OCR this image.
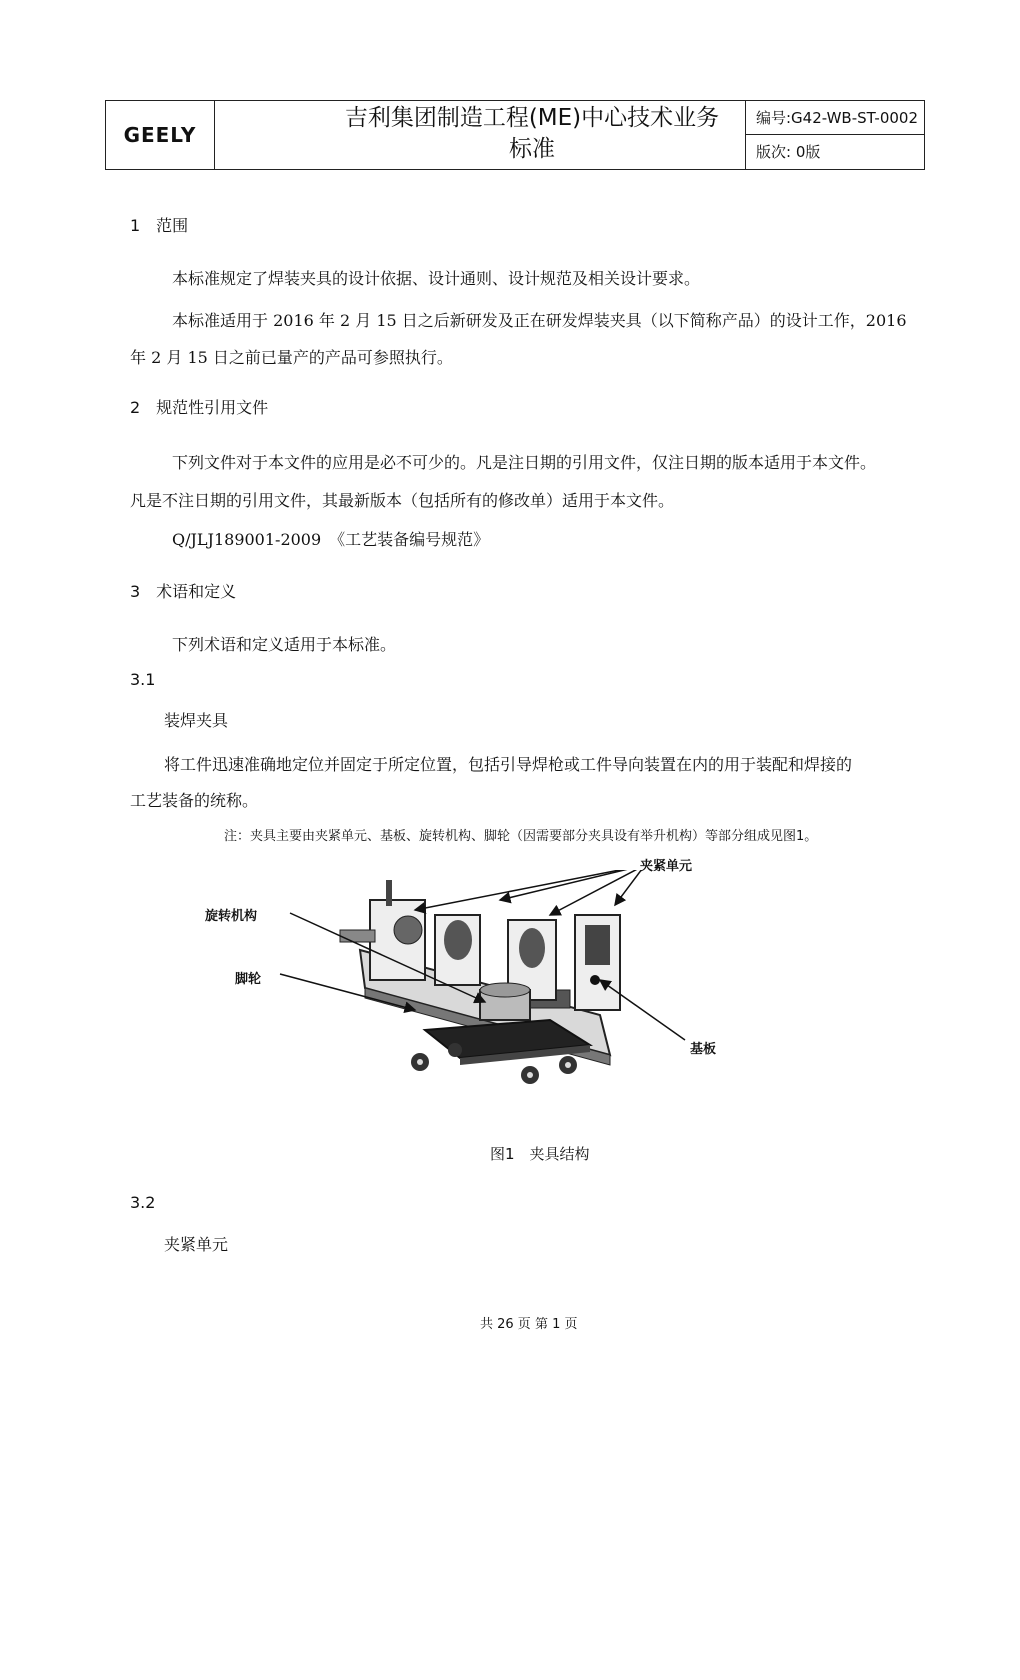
GEELY
吉利集团制造工程(ME)中心技术业务
标准
编号:G42-WB-ST-0002
版次: 0版
1　范围
本标准规定了焊装夹具的设计依据、设计通则、设计规范及相关设计要求。
本标准适用于 2016 年 2 月 15 日之后新研发及正在研发焊装夹具（以下简称产品）的设计工作，2016
年 2 月 15 日之前已量产的产品可参照执行。
2　规范性引用文件
下列文件对于本文件的应用是必不可少的。凡是注日期的引用文件，仅注日期的版本适用于本文件。
凡是不注日期的引用文件，其最新版本（包括所有的修改单）适用于本文件。
Q/JLJ189001-2009　《工艺装备编号规范》
3　术语和定义
下列术语和定义适用于本标准。
3.1
装焊夹具
将工件迅速准确地定位并固定于所定位置，包括引导焊枪或工件导向装置在内的用于装配和焊接的
工艺装备的统称。
注：夹具主要由夹紧单元、基板、旋转机构、脚轮（因需要部分夹具设有举升机构）等部分组成见图1。
夹紧单元
旋转机构
脚轮
基板
图1　夹具结构
3.2
夹紧单元
共 26 页 第 1 页
